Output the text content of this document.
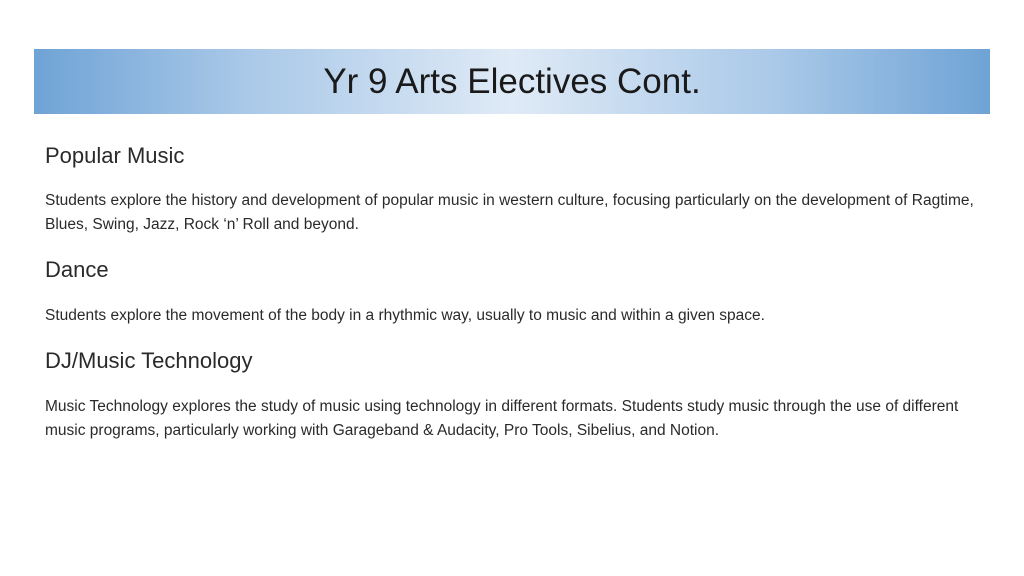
Yr 9 Arts Electives Cont.
Popular Music

Students explore the history and development of popular music in western culture, focusing particularly on the development of Ragtime, Blues, Swing, Jazz, Rock ‘n’ Roll and beyond.

Dance

Students explore the movement of the body in a rhythmic way, usually to music and within a given space.

DJ/Music Technology

Music Technology explores the study of music using technology in different formats. Students study music through the use of different music programs, particularly working with Garageband & Audacity, Pro Tools, Sibelius, and Notion.
